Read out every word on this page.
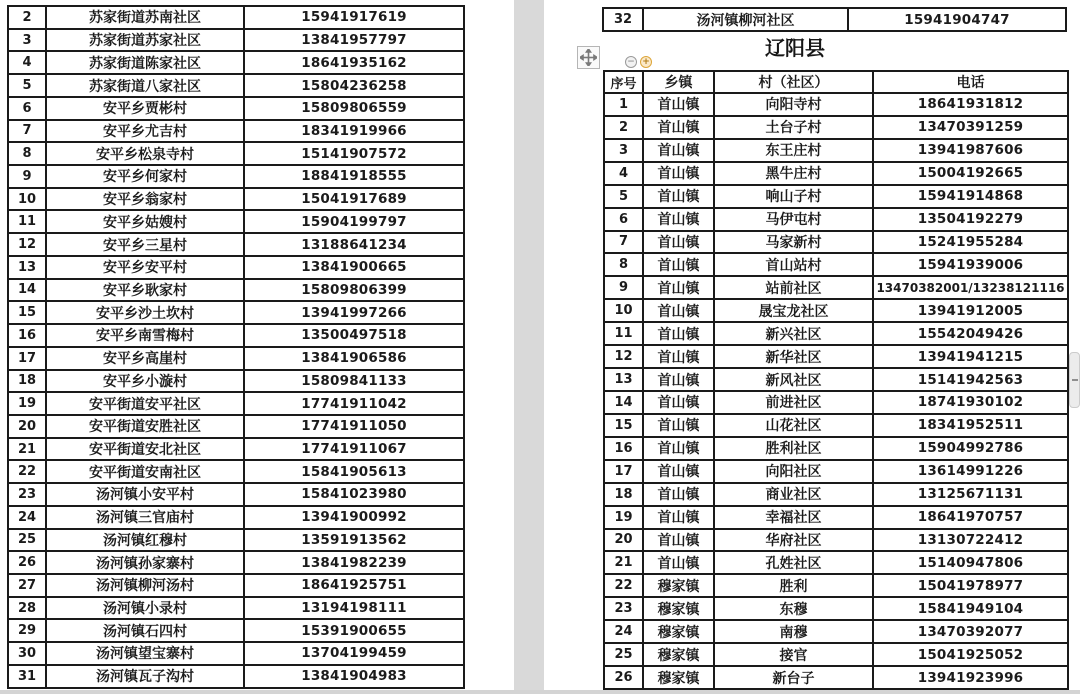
2	苏家街道苏南社区	15941917619
3	苏家街道苏家社区	13841957797
4	苏家街道陈家社区	18641935162
5	苏家街道八家社区	15804236258
6	安平乡贾彬村	15809806559
7	安平乡尤吉村	18341919966
8	安平乡松泉寺村	15141907572
9	安平乡何家村	18841918555
10	安平乡翁家村	15041917689
11	安平乡姑嫂村	15904199797
12	安平乡三星村	13188641234
13	安平乡安平村	13841900665
14	安平乡耿家村	15809806399
15	安平乡沙土坎村	13941997266
16	安平乡南雪梅村	13500497518
17	安平乡高崖村	13841906586
18	安平乡小漩村	15809841133
19	安平街道安平社区	17741911042
20	安平街道安胜社区	17741911050
21	安平街道安北社区	17741911067
22	安平街道安南社区	15841905613
23	汤河镇小安平村	15841023980
24	汤河镇三官庙村	13941900992
25	汤河镇红穆村	13591913562
26	汤河镇孙家寨村	13841982239
27	汤河镇柳河汤村	18641925751
28	汤河镇小录村	13194198111
29	汤河镇石四村	15391900655
30	汤河镇望宝寨村	13704199459
31	汤河镇瓦子沟村	13841904983
32	汤河镇柳河社区	15941904747
辽阳县
− +
序号	乡镇	村（社区）	电话
1	首山镇	向阳寺村	18641931812
2	首山镇	土台子村	13470391259
3	首山镇	东王庄村	13941987606
4	首山镇	黑牛庄村	15004192665
5	首山镇	响山子村	15941914868
6	首山镇	马伊屯村	13504192279
7	首山镇	马家新村	15241955284
8	首山镇	首山站村	15941939006
9	首山镇	站前社区	13470382001/13238121116
10	首山镇	晟宝龙社区	13941912005
11	首山镇	新兴社区	15542049426
12	首山镇	新华社区	13941941215
13	首山镇	新风社区	15141942563
14	首山镇	前进社区	18741930102
15	首山镇	山花社区	18341952511
16	首山镇	胜利社区	15904992786
17	首山镇	向阳社区	13614991226
18	首山镇	商业社区	13125671131
19	首山镇	幸福社区	18641970757
20	首山镇	华府社区	13130722412
21	首山镇	孔姓社区	15140947806
22	穆家镇	胜利	15041978977
23	穆家镇	东穆	15841949104
24	穆家镇	南穆	13470392077
25	穆家镇	接官	15041925052
26	穆家镇	新台子	13941923996
